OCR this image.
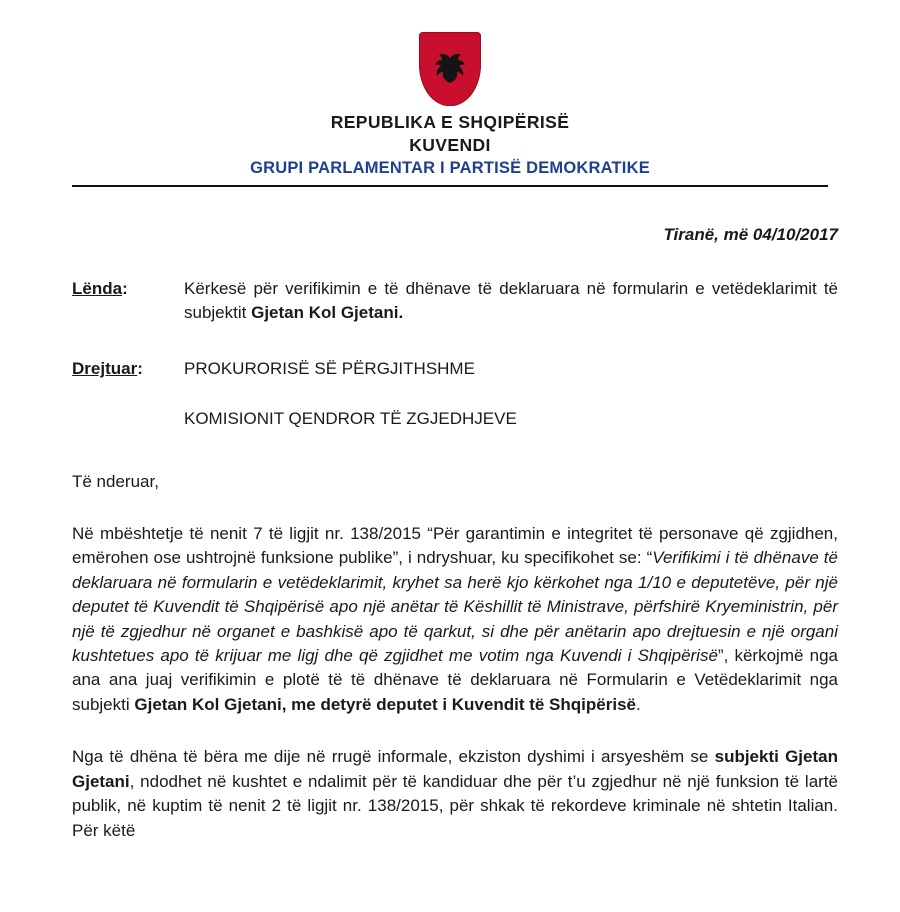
REPUBLIKA E SHQIPËRISË
KUVENDI
GRUPI PARLAMENTAR I PARTISË DEMOKRATIKE
Tiranë, më 04/10/2017
Lënda:	Kërkesë për verifikimin e të dhënave të deklaruara në formularin e vetëdeklarimit të subjektit Gjetan Kol Gjetani.
Drejtuar:	PROKURORISË SË PËRGJITHSHME
KOMISIONIT QENDROR TË ZGJEDHJEVE
Të nderuar,

Në mbështetje të nenit 7 të ligjit nr. 138/2015 “Për garantimin e integritet të personave që zgjidhen, emërohen ose ushtrojnë funksione publike”, i ndryshuar, ku specifikohet se: “Verifikimi i të dhënave të deklaruara në formularin e vetëdeklarimit, kryhet sa herë kjo kërkohet nga 1/10 e deputetëve, për një deputet të Kuvendit të Shqipërisë apo një anëtar të Këshillit të Ministrave, përfshirë Kryeministrin, për një të zgjedhur në organet e bashkisë apo të qarkut, si dhe për anëtarin apo drejtuesin e një organi kushtetues apo të krijuar me ligj dhe që zgjidhet me votim nga Kuvendi i Shqipërisë”, kërkojmë nga ana ana juaj verifikimin e plotë të të dhënave të deklaruara në Formularin e Vetëdeklarimit nga subjekti Gjetan Kol Gjetani, me detyrë deputet i Kuvendit të Shqipërisë.

Nga të dhëna të bëra me dije në rrugë informale, ekziston dyshimi i arsyeshëm se subjekti Gjetan Gjetani, ndodhet në kushtet e ndalimit për të kandiduar dhe për t’u zgjedhur në një funksion të lartë publik, në kuptim të nenit 2 të ligjit nr. 138/2015, për shkak të rekordeve kriminale në shtetin Italian. Për këtë
